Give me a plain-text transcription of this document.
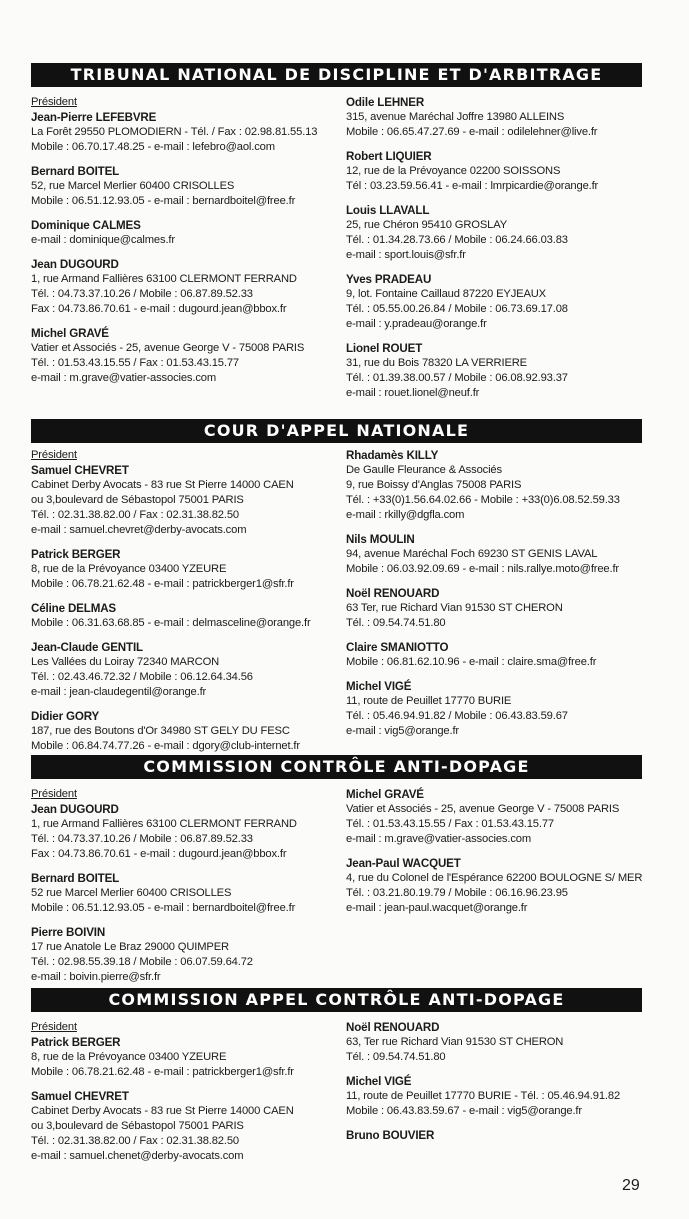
TRIBUNAL NATIONAL DE DISCIPLINE ET D'ARBITRAGE
Président
Jean-Pierre LEFEBVRE
La Forêt 29550 PLOMODIERN - Tél. / Fax : 02.98.81.55.13
Mobile : 06.70.17.48.25 - e-mail : lefebro@aol.com
Bernard BOITEL
52, rue Marcel Merlier 60400 CRISOLLES
Mobile : 06.51.12.93.05 - e-mail : bernardboitel@free.fr
Dominique CALMES
e-mail : dominique@calmes.fr
Jean DUGOURD
1, rue Armand Fallières 63100 CLERMONT FERRAND
Tél. : 04.73.37.10.26 / Mobile : 06.87.89.52.33
Fax : 04.73.86.70.61 - e-mail : dugourd.jean@bbox.fr
Michel GRAVÉ
Vatier et Associés - 25, avenue George V - 75008 PARIS
Tél. : 01.53.43.15.55 / Fax : 01.53.43.15.77
e-mail : m.grave@vatier-associes.com
Odile LEHNER
315, avenue Maréchal Joffre 13980 ALLEINS
Mobile : 06.65.47.27.69 - e-mail : odilelehner@live.fr
Robert LIQUIER
12, rue de la Prévoyance 02200 SOISSONS
Tél : 03.23.59.56.41 - e-mail : lmrpicardie@orange.fr
Louis LLAVALL
25, rue Chéron 95410 GROSLAY
Tél. : 01.34.28.73.66 / Mobile : 06.24.66.03.83
e-mail : sport.louis@sfr.fr
Yves PRADEAU
9, lot. Fontaine Caillaud 87220 EYJEAUX
Tél. : 05.55.00.26.84 / Mobile : 06.73.69.17.08
e-mail : y.pradeau@orange.fr
Lionel ROUET
31, rue du Bois 78320 LA VERRIERE
Tél. : 01.39.38.00.57 / Mobile : 06.08.92.93.37
e-mail : rouet.lionel@neuf.fr
COUR D'APPEL NATIONALE
Président
Samuel CHEVRET
Cabinet Derby Avocats - 83 rue St Pierre 14000 CAEN
ou 3,boulevard de Sébastopol 75001 PARIS
Tél. : 02.31.38.82.00 / Fax : 02.31.38.82.50
e-mail : samuel.chevret@derby-avocats.com
Patrick BERGER
8, rue de la Prévoyance 03400 YZEURE
Mobile : 06.78.21.62.48 - e-mail : patrickberger1@sfr.fr
Céline DELMAS
Mobile : 06.31.63.68.85 - e-mail : delmasceline@orange.fr
Jean-Claude GENTIL
Les Vallées du Loiray 72340 MARCON
Tél. : 02.43.46.72.32 / Mobile : 06.12.64.34.56
e-mail : jean-claudegentil@orange.fr
Didier GORY
187, rue des Boutons d'Or 34980 ST GELY DU FESC
Mobile : 06.84.74.77.26 - e-mail : dgory@club-internet.fr
Rhadamès KILLY
De Gaulle Fleurance & Associés
9, rue Boissy d'Anglas 75008 PARIS
Tél. : +33(0)1.56.64.02.66 - Mobile : +33(0)6.08.52.59.33
e-mail : rkilly@dgfla.com
Nils MOULIN
94, avenue Maréchal Foch 69230 ST GENIS LAVAL
Mobile : 06.03.92.09.69 - e-mail : nils.rallye.moto@free.fr
Noël RENOUARD
63 Ter, rue Richard Vian 91530 ST CHERON
Tél. : 09.54.74.51.80
Claire SMANIOTTO
Mobile : 06.81.62.10.96 - e-mail : claire.sma@free.fr
Michel VIGÉ
11, route de Peuillet 17770 BURIE
Tél. : 05.46.94.91.82 / Mobile : 06.43.83.59.67
e-mail : vig5@orange.fr
COMMISSION CONTRÔLE ANTI-DOPAGE
Président
Jean DUGOURD
1, rue Armand Fallières 63100 CLERMONT FERRAND
Tél. : 04.73.37.10.26 / Mobile : 06.87.89.52.33
Fax : 04.73.86.70.61 - e-mail : dugourd.jean@bbox.fr
Bernard BOITEL
52 rue Marcel Merlier 60400 CRISOLLES
Mobile : 06.51.12.93.05 - e-mail : bernardboitel@free.fr
Pierre BOIVIN
17 rue Anatole Le Braz 29000 QUIMPER
Tél. : 02.98.55.39.18 / Mobile : 06.07.59.64.72
e-mail : boivin.pierre@sfr.fr
Michel GRAVÉ
Vatier et Associés - 25, avenue George V - 75008 PARIS
Tél. : 01.53.43.15.55 / Fax : 01.53.43.15.77
e-mail : m.grave@vatier-associes.com
Jean-Paul WACQUET
4, rue du Colonel de l'Espérance 62200 BOULOGNE S/ MER
Tél. : 03.21.80.19.79 / Mobile : 06.16.96.23.95
e-mail : jean-paul.wacquet@orange.fr
COMMISSION APPEL CONTRÔLE ANTI-DOPAGE
Président
Patrick BERGER
8, rue de la Prévoyance 03400 YZEURE
Mobile : 06.78.21.62.48 - e-mail : patrickberger1@sfr.fr
Samuel CHEVRET
Cabinet Derby Avocats - 83 rue St Pierre 14000 CAEN
ou 3,boulevard de Sébastopol 75001 PARIS
Tél. : 02.31.38.82.00 / Fax : 02.31.38.82.50
e-mail : samuel.chenet@derby-avocats.com
Noël RENOUARD
63, Ter rue Richard Vian 91530 ST CHERON
Tél. : 09.54.74.51.80
Michel VIGÉ
11, route de Peuillet 17770 BURIE - Tél. : 05.46.94.91.82
Mobile : 06.43.83.59.67 - e-mail : vig5@orange.fr
Bruno BOUVIER
29
